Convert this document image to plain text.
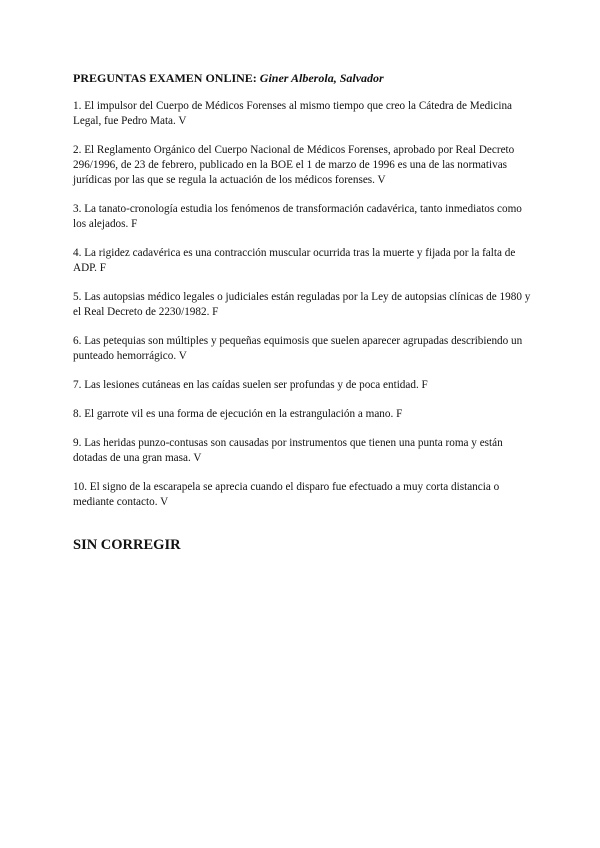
PREGUNTAS EXAMEN ONLINE: Giner Alberola, Salvador
1. El impulsor del Cuerpo de Médicos Forenses al mismo tiempo que creo la Cátedra de Medicina Legal, fue Pedro Mata. V
2. El Reglamento Orgánico del Cuerpo Nacional de Médicos Forenses, aprobado por Real Decreto 296/1996, de 23 de febrero, publicado en la BOE el 1 de marzo de 1996 es una de las normativas jurídicas por las que se regula la actuación de los médicos forenses. V
3. La tanato-cronología estudia los fenómenos de transformación cadavérica, tanto inmediatos como los alejados. F
4. La rigidez cadavérica es una contracción muscular ocurrida tras la muerte y fijada por la falta de ADP. F
5. Las autopsias médico legales o judiciales están reguladas por la Ley de autopsias clínicas de 1980 y el Real Decreto de 2230/1982. F
6. Las petequias son múltiples y pequeñas equimosis que suelen aparecer agrupadas describiendo un punteado hemorrágico. V
7. Las lesiones cutáneas en las caídas suelen ser profundas y de poca entidad. F
8. El garrote vil es una forma de ejecución en la estrangulación a mano. F
9. Las heridas punzo-contusas son causadas por instrumentos que tienen una punta roma y están dotadas de una gran masa. V
10. El signo de la escarapela se aprecia cuando el disparo fue efectuado a muy corta distancia o mediante contacto. V
SIN CORREGIR
